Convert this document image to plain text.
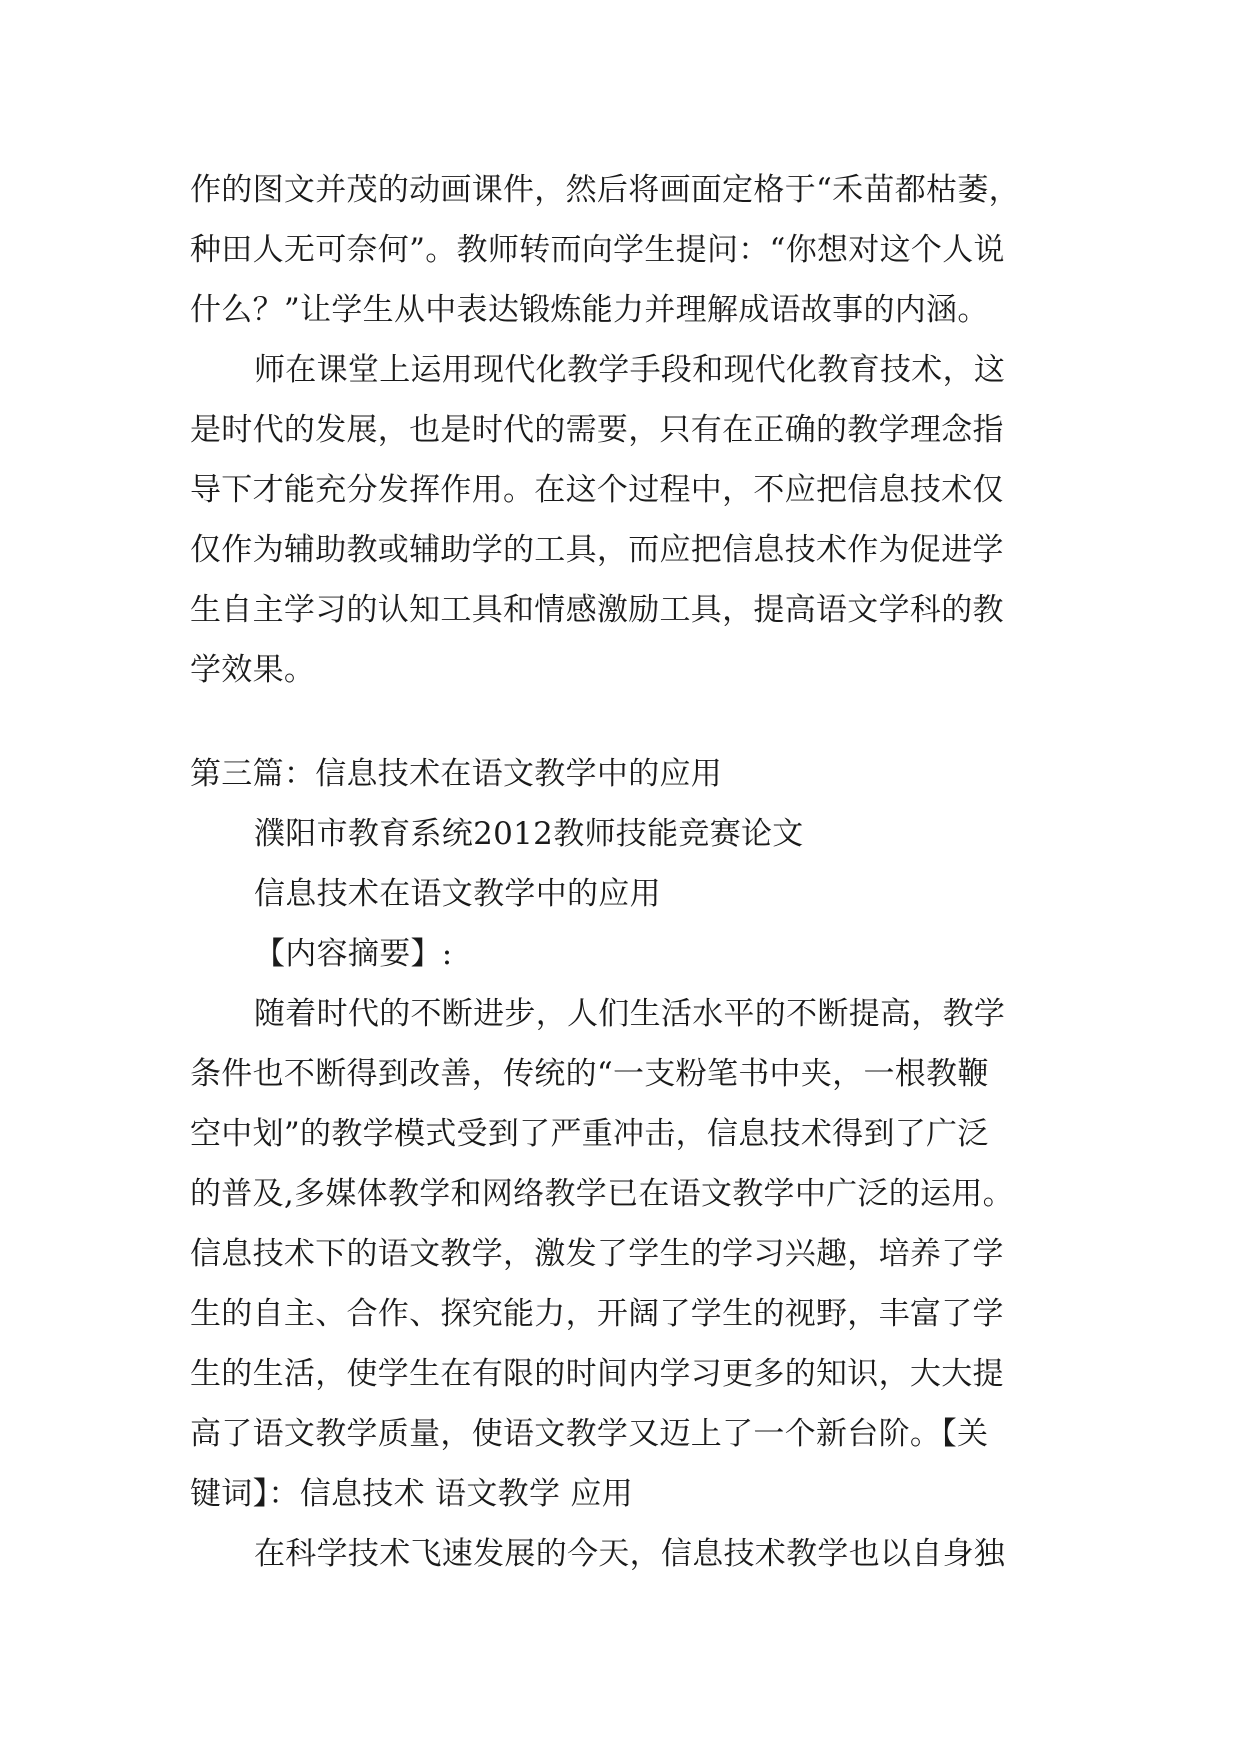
作的图文并茂的动画课件，然后将画面定格于“禾苗都枯萎，
种田人无可奈何”。教师转而向学生提问：“你想对这个人说
什么？”让学生从中表达锻炼能力并理解成语故事的内涵。
师在课堂上运用现代化教学手段和现代化教育技术，这
是时代的发展，也是时代的需要，只有在正确的教学理念指
导下才能充分发挥作用。在这个过程中，不应把信息技术仅
仅作为辅助教或辅助学的工具，而应把信息技术作为促进学
生自主学习的认知工具和情感激励工具，提高语文学科的教
学效果。
第三篇：信息技术在语文教学中的应用
濮阳市教育系统2012教师技能竞赛论文
信息技术在语文教学中的应用
【内容摘要】:
随着时代的不断进步，人们生活水平的不断提高，教学
条件也不断得到改善，传统的“一支粉笔书中夹，一根教鞭
空中划”的教学模式受到了严重冲击，信息技术得到了广泛
的普及,多媒体教学和网络教学已在语文教学中广泛的运用。
信息技术下的语文教学，激发了学生的学习兴趣，培养了学
生的自主、合作、探究能力，开阔了学生的视野，丰富了学
生的生活，使学生在有限的时间内学习更多的知识，大大提
高了语文教学质量，使语文教学又迈上了一个新台阶。【关
键词】：信息技术 语文教学 应用
在科学技术飞速发展的今天，信息技术教学也以自身独
